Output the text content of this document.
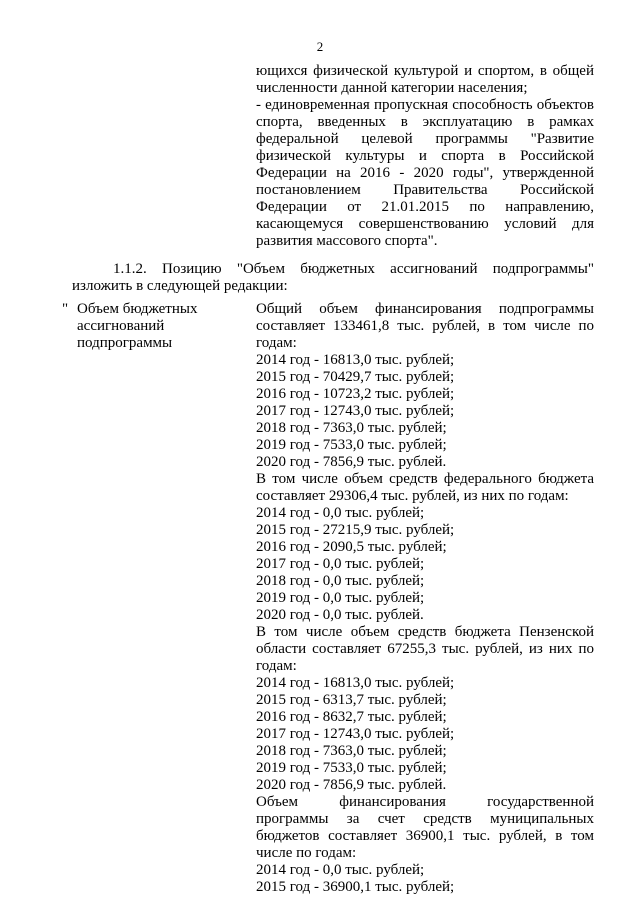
2

ющихся физической культурой и спортом, в общей численности данной категории населения;

- единовременная пропускная способность объектов спорта, введенных в эксплуатацию в рамках федеральной целевой программы "Развитие физической культуры и спорта в Российской Федерации на 2016 - 2020 годы", утвержденной постановлением Правительства Российской Федерации от 21.01.2015 по направлению, касающемуся совершенствованию условий для развития массового спорта".

1.1.2. Позицию "Объем бюджетных ассигнований подпрограммы" изложить в следующей редакции:
" Объем бюджетных ассигнований подпрограммы
Общий объем финансирования подпрограммы составляет 133461,8 тыс. рублей, в том числе по годам:
2014 год - 16813,0 тыс. рублей;
2015 год - 70429,7 тыс. рублей;
2016 год - 10723,2 тыс. рублей;
2017 год - 12743,0 тыс. рублей;
2018 год - 7363,0 тыс. рублей;
2019 год - 7533,0 тыс. рублей;
2020 год - 7856,9 тыс. рублей.
В том числе объем средств федерального бюджета составляет 29306,4 тыс. рублей, из них по годам:
2014 год - 0,0 тыс. рублей;
2015 год - 27215,9 тыс. рублей;
2016 год - 2090,5 тыс. рублей;
2017 год - 0,0 тыс. рублей;
2018 год - 0,0 тыс. рублей;
2019 год - 0,0 тыс. рублей;
2020 год - 0,0 тыс. рублей.
В том числе объем средств бюджета Пензенской области составляет 67255,3 тыс. рублей, из них по годам:
2014 год - 16813,0 тыс. рублей;
2015 год - 6313,7 тыс. рублей;
2016 год - 8632,7 тыс. рублей;
2017 год - 12743,0 тыс. рублей;
2018 год - 7363,0 тыс. рублей;
2019 год - 7533,0 тыс. рублей;
2020 год - 7856,9 тыс. рублей.
Объем финансирования государственной программы за счет средств муниципальных бюджетов составляет 36900,1 тыс. рублей, в том числе по годам:
2014 год - 0,0 тыс. рублей;
2015 год - 36900,1 тыс. рублей;
